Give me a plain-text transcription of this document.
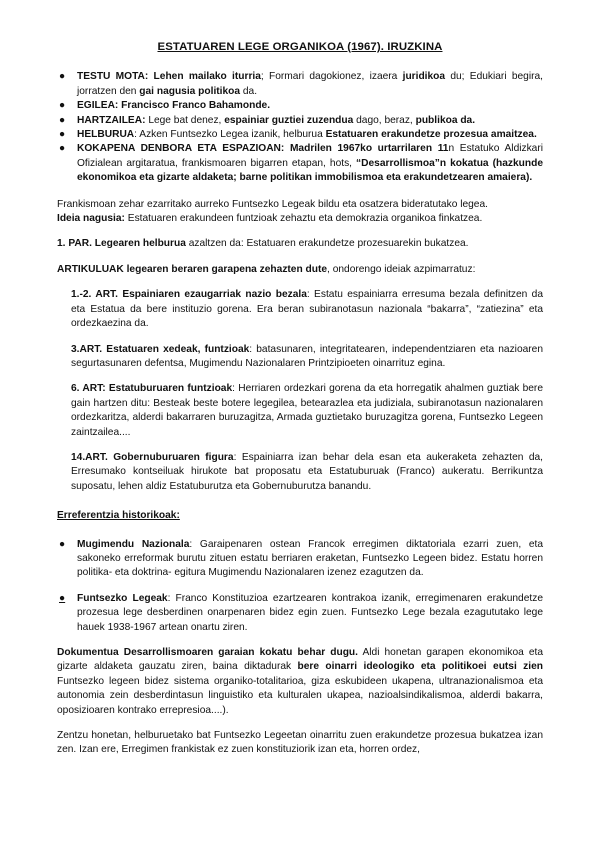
ESTATUAREN LEGE ORGANIKOA (1967). IRUZKINA
● TESTU MOTA: Lehen mailako iturria; Formari dagokionez, izaera juridikoa du; Edukiari begira, jorratzen den gai nagusia politikoa da.
● EGILEA: Francisco Franco Bahamonde.
● HARTZAILEA: Lege bat denez, espainiar guztiei zuzendua dago, beraz, publikoa da.
● HELBURUA: Azken Funtsezko Legea izanik, helburua Estatuaren erakundetze prozesua amaitzea.
● KOKAPENA DENBORA ETA ESPAZIOAN: Madrilen 1967ko urtarrilaren 11n Estatuko Aldizkari Ofizialean argitaratua, frankismoaren bigarren etapan, hots, “Desarrollismoa”n kokatua (hazkunde ekonomikoa eta gizarte aldaketa; barne politikan immobilismoa eta erakundetzearen amaiera).

Frankismoan zehar ezarritako aurreko Funtsezko Legeak bildu eta osatzera bideratutako legea.

Ideia nagusia: Estatuaren erakundeen funtzioak zehaztu eta demokrazia organikoa finkatzea.

1. PAR. Legearen helburua azaltzen da: Estatuaren erakundetze prozesuarekin bukatzea.

ARTIKULUAK legearen beraren garapena zehazten dute, ondorengo ideiak azpimarratuz:

1.-2. ART. Espainiaren ezaugarriak nazio bezala: Estatu espainiarra erresuma bezala definitzen da eta Estatua da bere instituzio gorena. Era beran subiranotasun nazionala “bakarra”, “zatiezina” eta ordezkaezina da.

3.ART. Estatuaren xedeak, funtzioak: batasunaren, integritatearen, independentziaren eta nazioaren segurtasunaren defentsa, Mugimendu Nazionalaren Printzipioeten oinarrituz egina.

6. ART: Estatuburuaren funtzioak: Herriaren ordezkari gorena da eta horregatik ahalmen guztiak bere gain hartzen ditu: Besteak beste botere legegilea, betearazlea eta judiziala, subiranotasun nazionalaren ordezkaritza, alderdi bakarraren buruzagitza, Armada guztietako buruzagitza gorena, Funtsezko Legeen zaintzailea....

14.ART. Gobernuburuaren figura: Espainiarra izan behar dela esan eta aukeraketa zehazten da, Erresumako kontseiluak hirukote bat proposatu eta Estatuburuak (Franco) aukeratu. Berrikuntza suposatu, lehen aldiz Estatuburutza eta Gobernuburutza banandu.

Erreferentzia historikoak:
● Mugimendu Nazionala: Garaipenaren ostean Francok erregimen diktatoriala ezarri zuen, eta sakoneko erreformak burutu zituen estatu berriaren eraketan, Funtsezko Legeen bidez. Estatu horren politika- eta doktrina- egitura Mugimendu Nazionalaren izenez ezagutzen da.
● Funtsezko Legeak: Franco Konstituzioa ezartzearen kontrakoa izanik, erregimenaren erakundetze prozesua lege desberdinen onarpenaren bidez egin zuen. Funtsezko Lege bezala ezagututako lege hauek 1938-1967 artean onartu ziren.

Dokumentua Desarrollismoaren garaian kokatu behar dugu. Aldi honetan garapen ekonomikoa eta gizarte aldaketa gauzatu ziren, baina diktadurak bere oinarri ideologiko eta politikoei eutsi zien Funtsezko legeen bidez sistema organiko-totalitarioa, giza eskubideen ukapena, ultranazionalismoa eta autonomia zein desberdintasun linguistiko eta kulturalen ukapea, nazioalsindikalismoa, alderdi bakarra, oposizioaren kontrako errepresioa....).

Zentzu honetan, helburuetako bat Funtsezko Legeetan oinarritu zuen erakundetze prozesua bukatzea izan zen. Izan ere, Erregimen frankistak ez zuen konstituziorik izan eta, horren ordez,
